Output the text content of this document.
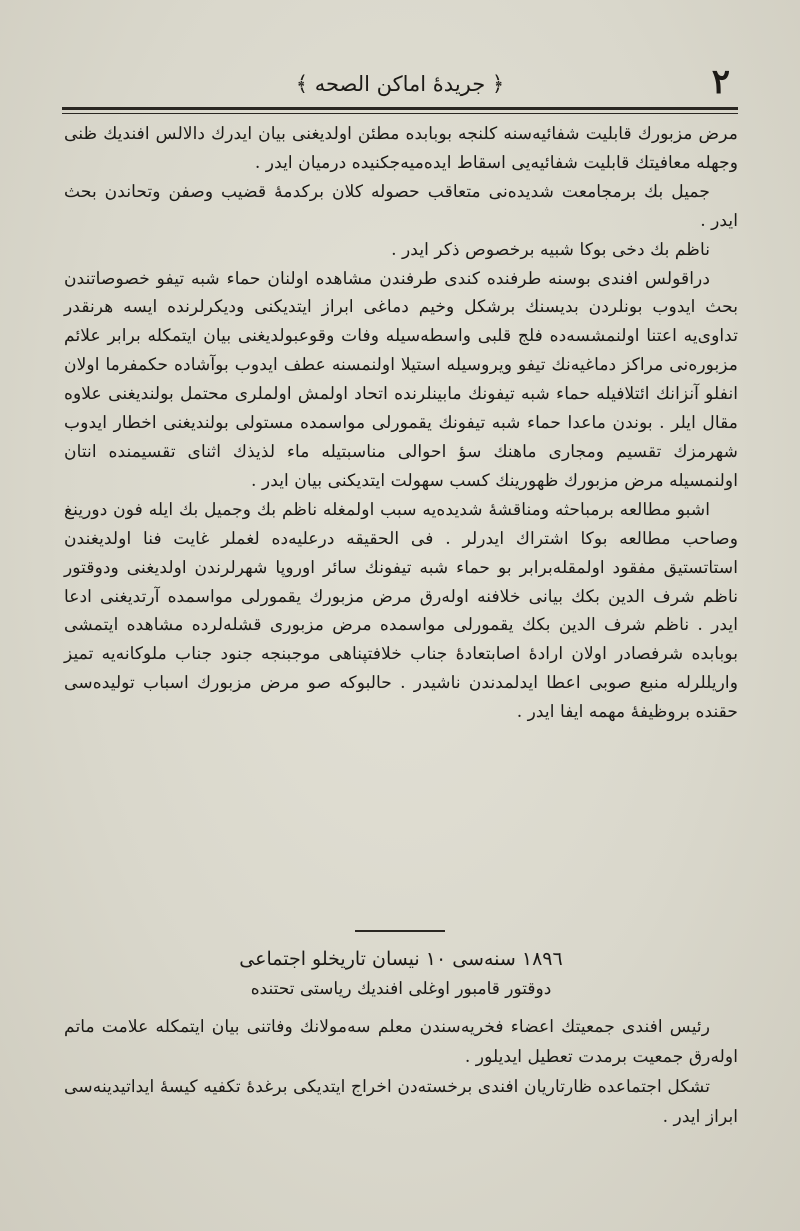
٢
﴿ جريدهٔ اماكن الصحه ﴾

مرض مزبورك قابليت شفائيه‌سنه كلنجه بوبابده مطئن اولديغنى بيان ايدرك دالالس افنديك ظنى وجهله معافيتك قابليت شفائيه‌يى اسقاط ايده‌ميه‌جكنيده درميان ايدر .

جميل بك برمجامعت شديده‌نى متعاقب حصوله كلان بركدمهٔ قضيب وصفن وتحاندن بحث ايدر .

ناظم بك دخى بوكا شبيه برخصوص ذكر ايدر .

دراقولس افندى بوسنه طرفنده كندى طرفندن مشاهده اولنان حماء شبه تيفو خصوصاتندن بحث ايدوب بونلردن بديسنك برشكل وخيم دماغى ابراز ايتديكنى وديكرلرنده ايسه هرنقدر تداوى‌يه اعتنا اولنمشسه‌ده فلج قلبى واسطه‌سيله وفات وقوعبولديغنى بيان ايتمكله برابر علائم مزبوره‌نى مراكز دماغيه‌نك تيفو ويروسيله استيلا اولنمسنه عطف ايدوب بوآشاده حكمفرما اولان انفلو آنزانك ائتلافيله حماء شبه تيفونك مابينلرنده اتحاد اولمش اولملرى محتمل بولنديغنى علاوه مقال ايلر . بوندن ماعدا حماء شبه تيفونك يقمورلى مواسمده مستولى بولنديغنى اخطار ايدوب شهرمزك تقسيم ومجارى ماهنك سؤ احوالى مناسبتيله ماء لذيذك اثناى تقسيمنده انتان اولنمسيله مرض مزبورك ظهورينك كسب سهولت ايتديكنى بيان ايدر .

اشبو مطالعه برمباحثه ومناقشهٔ شديده‌يه سبب اولمغله ناظم بك وجميل بك ايله فون دورينغ وصاحب مطالعه بوكا اشتراك ايدرلر . فى الحقيقه درعليه‌ده لغملر غايت فنا اولديغندن استاتستيق مفقود اولمقله‌برابر بو حماء شبه تيفونك سائر اوروپا شهرلرندن اولديغنى ودوقتور ناظم شرف الدين بكك بيانى خلافنه اوله‌رق مرض مزبورك يقمورلى مواسمده آرتديغنى ادعا ايدر . ناظم شرف الدين بكك يقمورلى مواسمده مرض مزبورى قشله‌لرده مشاهده ايتمشى بوبابده شرفصادر اولان ارادهٔ اصابتعادهٔ جناب خلافتپناهى موجبنجه جنود جناب ملوكانه‌يه تميز واريللرله منبع صوبى اعطا ايدلمدندن ناشيدر . حالبوكه صو مرض مزبورك اسباب توليده‌سى حقنده بروظيفهٔ مهمه ايفا ايدر .

١٨٩٦ سنه‌سى ١٠ نيسان تاريخلو اجتماعى

دوقتور قامبور اوغلى افنديك رياستى تحتنده

رئيس افندى جمعيتك اعضاء فخريه‌سندن معلم سه‌مولانك وفاتنى بيان ايتمكله علامت ماتم اوله‌رق جمعيت برمدت تعطيل ايديلور .

تشكل اجتماعده ظارتاريان افندى برخسته‌دن اخراج ايتديكى برغدهٔ تكفيه كيسهٔ ايداتيدينه‌سى ابراز ايدر .
